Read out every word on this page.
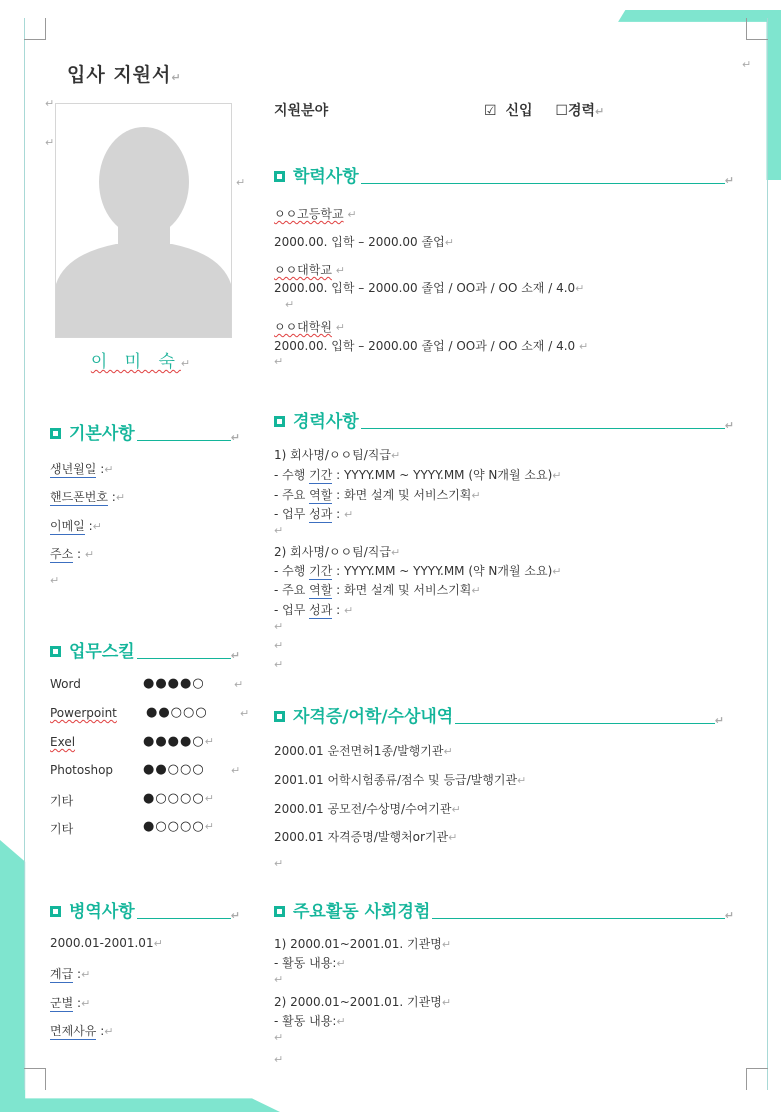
입사 지원서↵
↵
↵
↵
↵
이 미 숙↵
지원분야	☑ 신입 ☐경력↵
학력사항	↵
ㅇㅇ고등학교 ↵
2000.00. 입학 – 2000.00 졸업↵
ㅇㅇ대학교 ↵
2000.00. 입학 – 2000.00 졸업 / OO과 / OO 소재 / 4.0↵
↵
ㅇㅇ대학원 ↵
2000.00. 입학 – 2000.00 졸업 / OO과 / OO 소재 / 4.0 ↵
↵
기본사항	↵
생년월일 :↵
핸드폰번호 :↵
이메일 :↵
주소 : ↵
↵
경력사항	↵
1) 회사명/ㅇㅇ팀/직급↵
- 수행 기간 : YYYY.MM ~ YYYY.MM (약 N개월 소요)↵
- 주요 역할 : 화면 설계 및 서비스기획↵
- 업무 성과 : ↵
↵
2) 회사명/ㅇㅇ팀/직급↵
- 수행 기간 : YYYY.MM ~ YYYY.MM (약 N개월 소요)↵
- 주요 역할 : 화면 설계 및 서비스기획↵
- 업무 성과 : ↵
↵
↵
↵
업무스킬	↵
Word	●●●●○	↵
Powerpoint ●●○○○	↵
Exel	●●●●○↵
Photoshop ●●○○○ ↵
기타	●○○○○↵
기타	●○○○○↵
자격증/어학/수상내역	↵
2000.01 운전면허1종/발행기관↵
2001.01 어학시험종류/점수 및 등급/발행기관↵
2000.01 공모전/수상명/수여기관↵
2000.01 자격증명/발행처or기관↵
↵
병역사항	↵
2000.01-2001.01↵
계급 :↵
군별 :↵
면제사유 :↵
주요활동 사회경험	↵
1) 2000.01~2001.01. 기관명↵
- 활동 내용:↵
↵
2) 2000.01~2001.01. 기관명↵
- 활동 내용:↵
↵
↵
